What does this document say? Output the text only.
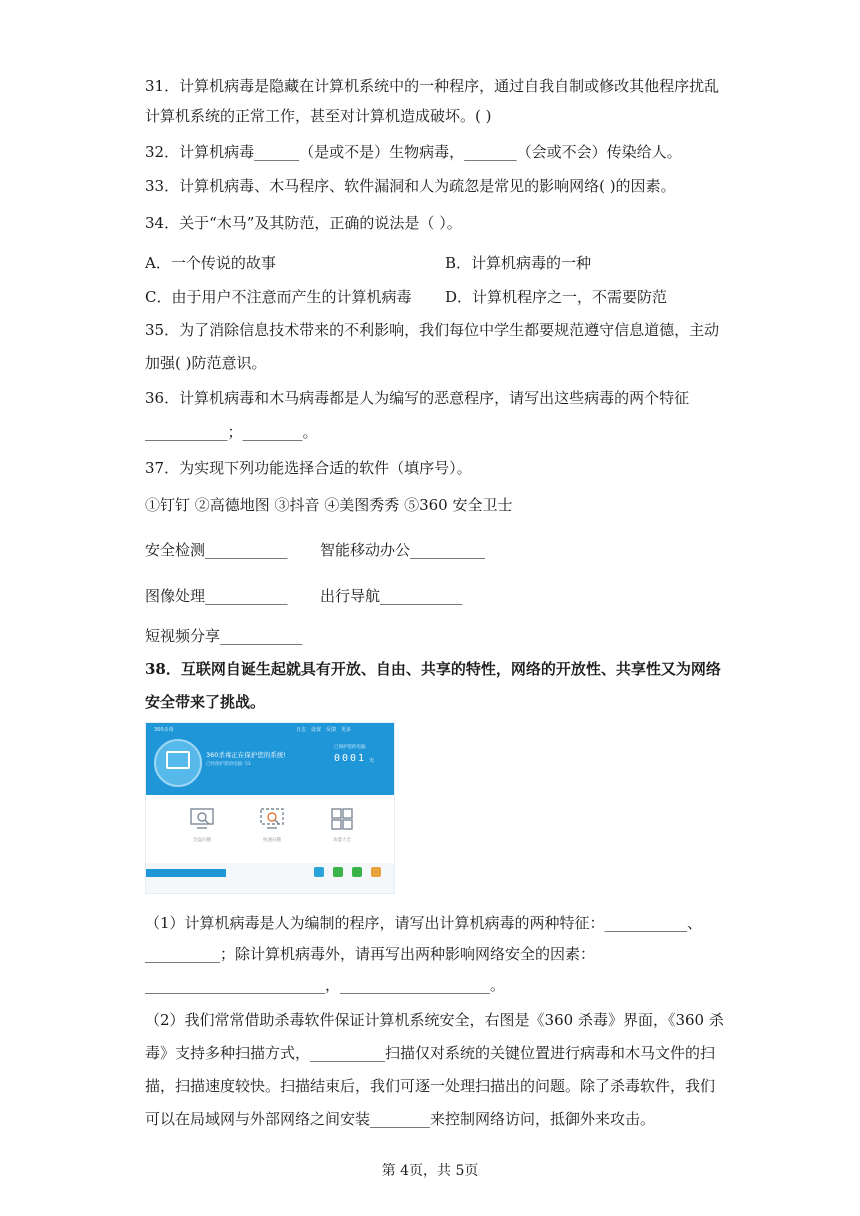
31．计算机病毒是隐藏在计算机系统中的一种程序，通过自我自制或修改其他程序扰乱
计算机系统的正常工作，甚至对计算机造成破坏。( )
32．计算机病毒______（是或不是）生物病毒，_______（会或不会）传染给人。
33．计算机病毒、木马程序、软件漏洞和人为疏忽是常见的影响网络( )的因素。
34．关于“木马”及其防范，正确的说法是（ ）。
A．一个传说的故事	B．计算机病毒的一种
C．由于用户不注意而产生的计算机病毒 D．计算机程序之一，不需要防范
35．为了消除信息技术带来的不利影响，我们每位中学生都要规范遵守信息道德，主动
加强( )防范意识。
36．计算机病毒和木马病毒都是人为编写的恶意程序，请写出这些病毒的两个特征
___________；________。
37．为实现下列功能选择合适的软件（填序号）。
①钉钉 ②高德地图 ③抖音 ④美图秀秀 ⑤360 安全卫士
安全检测___________ 智能移动办公__________
图像处理___________ 出行导航___________
短视频分享___________
38．互联网自诞生起就具有开放、自由、共享的特性，网络的开放性、共享性又为网络
安全带来了挑战。
360杀毒	日志 设置 反馈 更多
360杀毒正在保护您的系统!
已经保护您的电脑: 53
已保护您的电脑
0001 天
全盘扫描	快速扫描	功能大全
（1）计算机病毒是人为编制的程序，请写出计算机病毒的两种特征：___________、
__________；除计算机病毒外，请再写出两种影响网络安全的因素：
________________________，____________________。
（2）我们常常借助杀毒软件保证计算机系统安全，右图是《360 杀毒》界面，《360 杀
毒》支持多种扫描方式，__________扫描仅对系统的关键位置进行病毒和木马文件的扫
描，扫描速度较快。扫描结束后，我们可逐一处理扫描出的问题。除了杀毒软件，我们
可以在局域网与外部网络之间安装________来控制网络访问，抵御外来攻击。
第 4页，共 5页
